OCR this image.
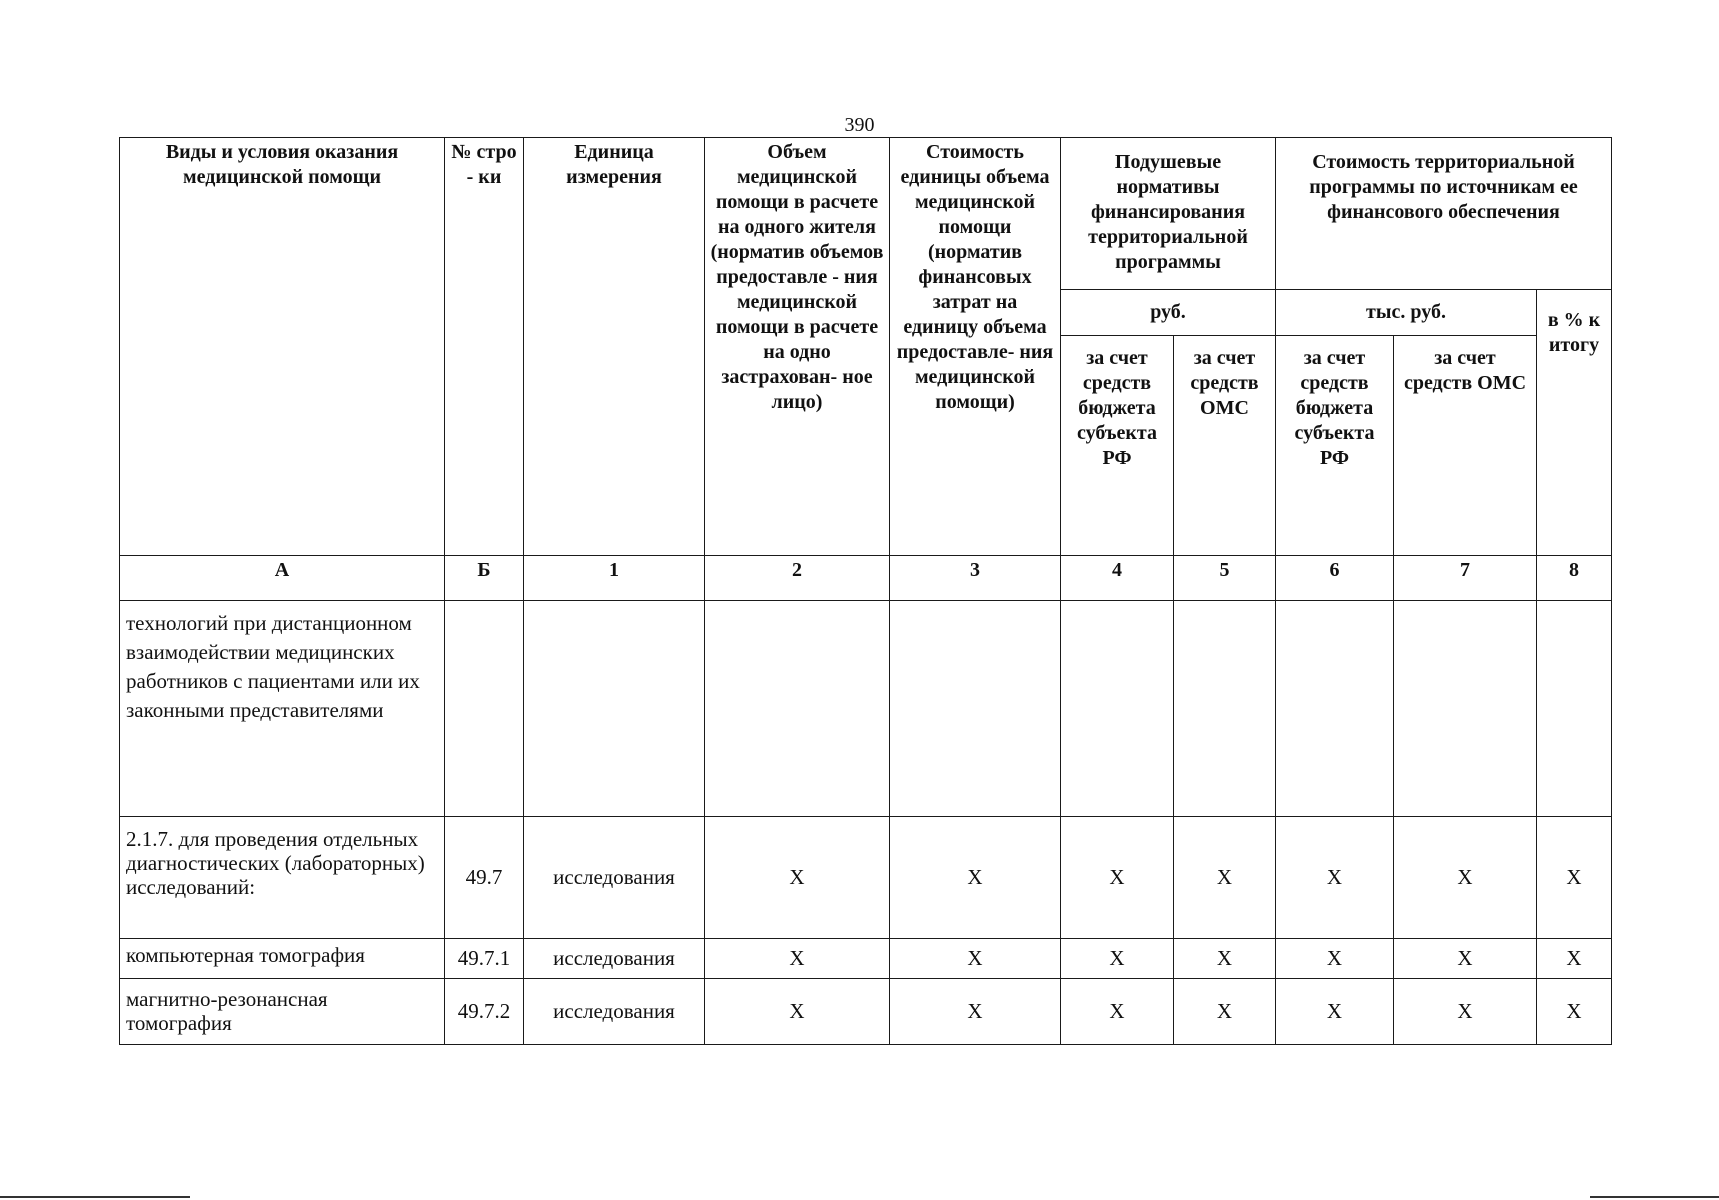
390
Виды и условия оказания медицинской помощи	№ стро - ки	Единица измерения	Объем медицинской помощи в расчете на одного жителя (норматив объемов предоставле - ния медицинской помощи в расчете на одно застрахован- ное лицо)	Стоимость единицы объема медицинской помощи (норматив финансовых затрат на единицу объема предоставле- ния медицинской помощи)	Подушевые нормативы финансирования территориальной программы		Стоимость территориальной программы по источникам ее финансового обеспечения		
					руб.		тыс. руб.		в % к итогу
					за счет средств бюджета субъекта РФ	за счет средств ОМС	за счет средств бюджета субъекта РФ	за счет средств ОМС	
А	Б	1	2	3	4	5	6	7	8
технологий при дистанционном взаимодействии медицинских работников с пациентами или их законными представителями									
2.1.7. для проведения отдельных диагностических (лабораторных) исследований:	49.7	исследования	Х	Х	Х	Х	Х	Х	Х
компьютерная томография	49.7.1	исследования	Х	Х	Х	Х	Х	Х	Х
магнитно-резонансная томография	49.7.2	исследования	Х	Х	Х	Х	Х	Х	Х
